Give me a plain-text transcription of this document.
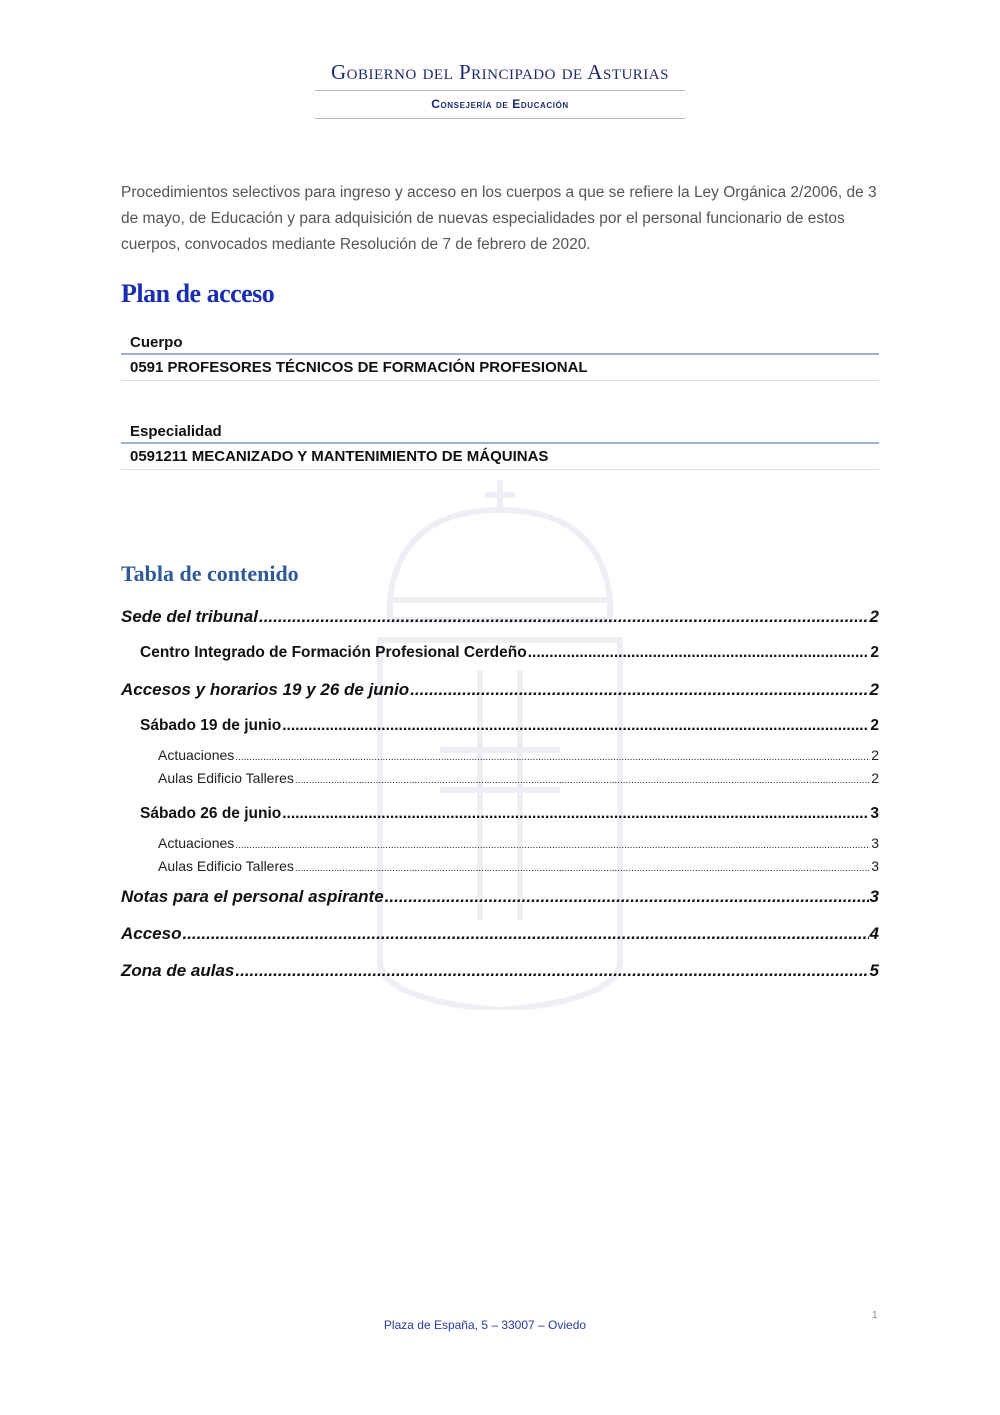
Gobierno del Principado de Asturias
Consejería de Educación
Procedimientos selectivos para ingreso y acceso en los cuerpos a que se refiere la Ley Orgánica 2/2006, de 3 de mayo, de Educación y para adquisición de nuevas especialidades por el personal funcionario de estos cuerpos, convocados mediante Resolución de 7 de febrero de 2020.
Plan de acceso
Cuerpo
0591 PROFESORES TÉCNICOS DE FORMACIÓN PROFESIONAL
Especialidad
0591211 MECANIZADO Y MANTENIMIENTO DE MÁQUINAS
Tabla de contenido
Sede del tribunal .....	2
Centro Integrado de Formación Profesional Cerdeño .....	2
Accesos y horarios 19 y 26 de junio .....	2
Sábado 19 de junio .....	2
Actuaciones .....	2
Aulas Edificio Talleres .....	2
Sábado 26 de junio .....	3
Actuaciones .....	3
Aulas Edificio Talleres .....	3
Notas para el personal aspirante .....	3
Acceso .....	4
Zona de aulas .....	5
1
Plaza de España, 5 – 33007 – Oviedo
